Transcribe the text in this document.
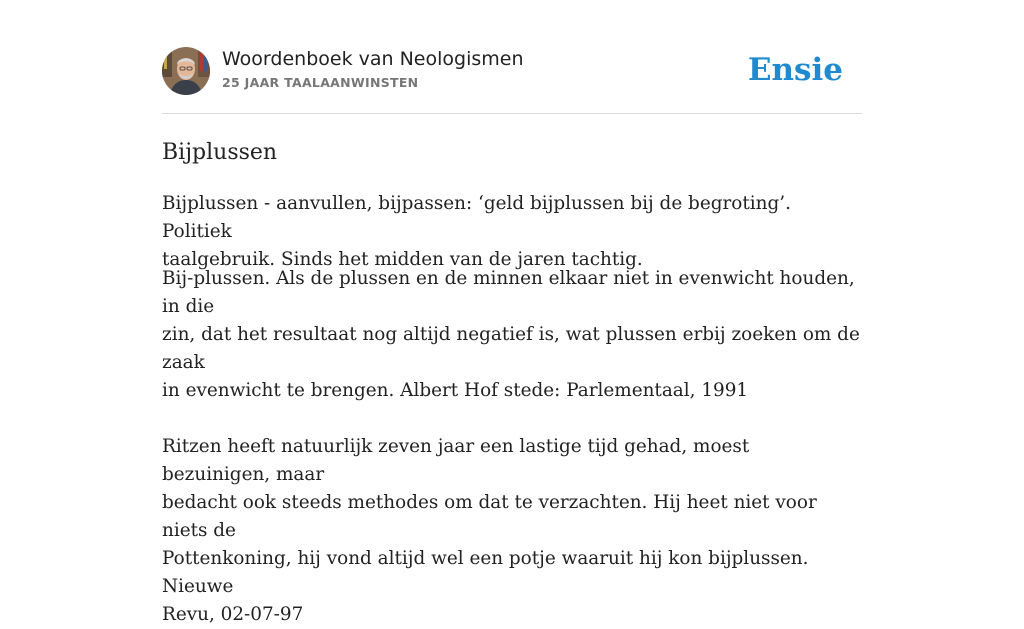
Woordenboek van Neologismen
25 JAAR TAALAANWINSTEN	Ensie
Bijplussen

Bijplussen - aanvullen, bijpassen: ‘geld bijplussen bij de begroting’. Politiek
taalgebruik. Sinds het midden van de jaren tachtig.

Bij-plussen. Als de plussen en de minnen elkaar niet in evenwicht houden, in die
zin, dat het resultaat nog altijd negatief is, wat plussen erbij zoeken om de zaak
in evenwicht te brengen. Albert Hof stede: Parlementaal, 1991

Ritzen heeft natuurlijk zeven jaar een lastige tijd gehad, moest bezuinigen, maar
bedacht ook steeds methodes om dat te verzachten. Hij heet niet voor niets de
Pottenkoning, hij vond altijd wel een potje waaruit hij kon bijplussen. Nieuwe
Revu, 02-07-97
